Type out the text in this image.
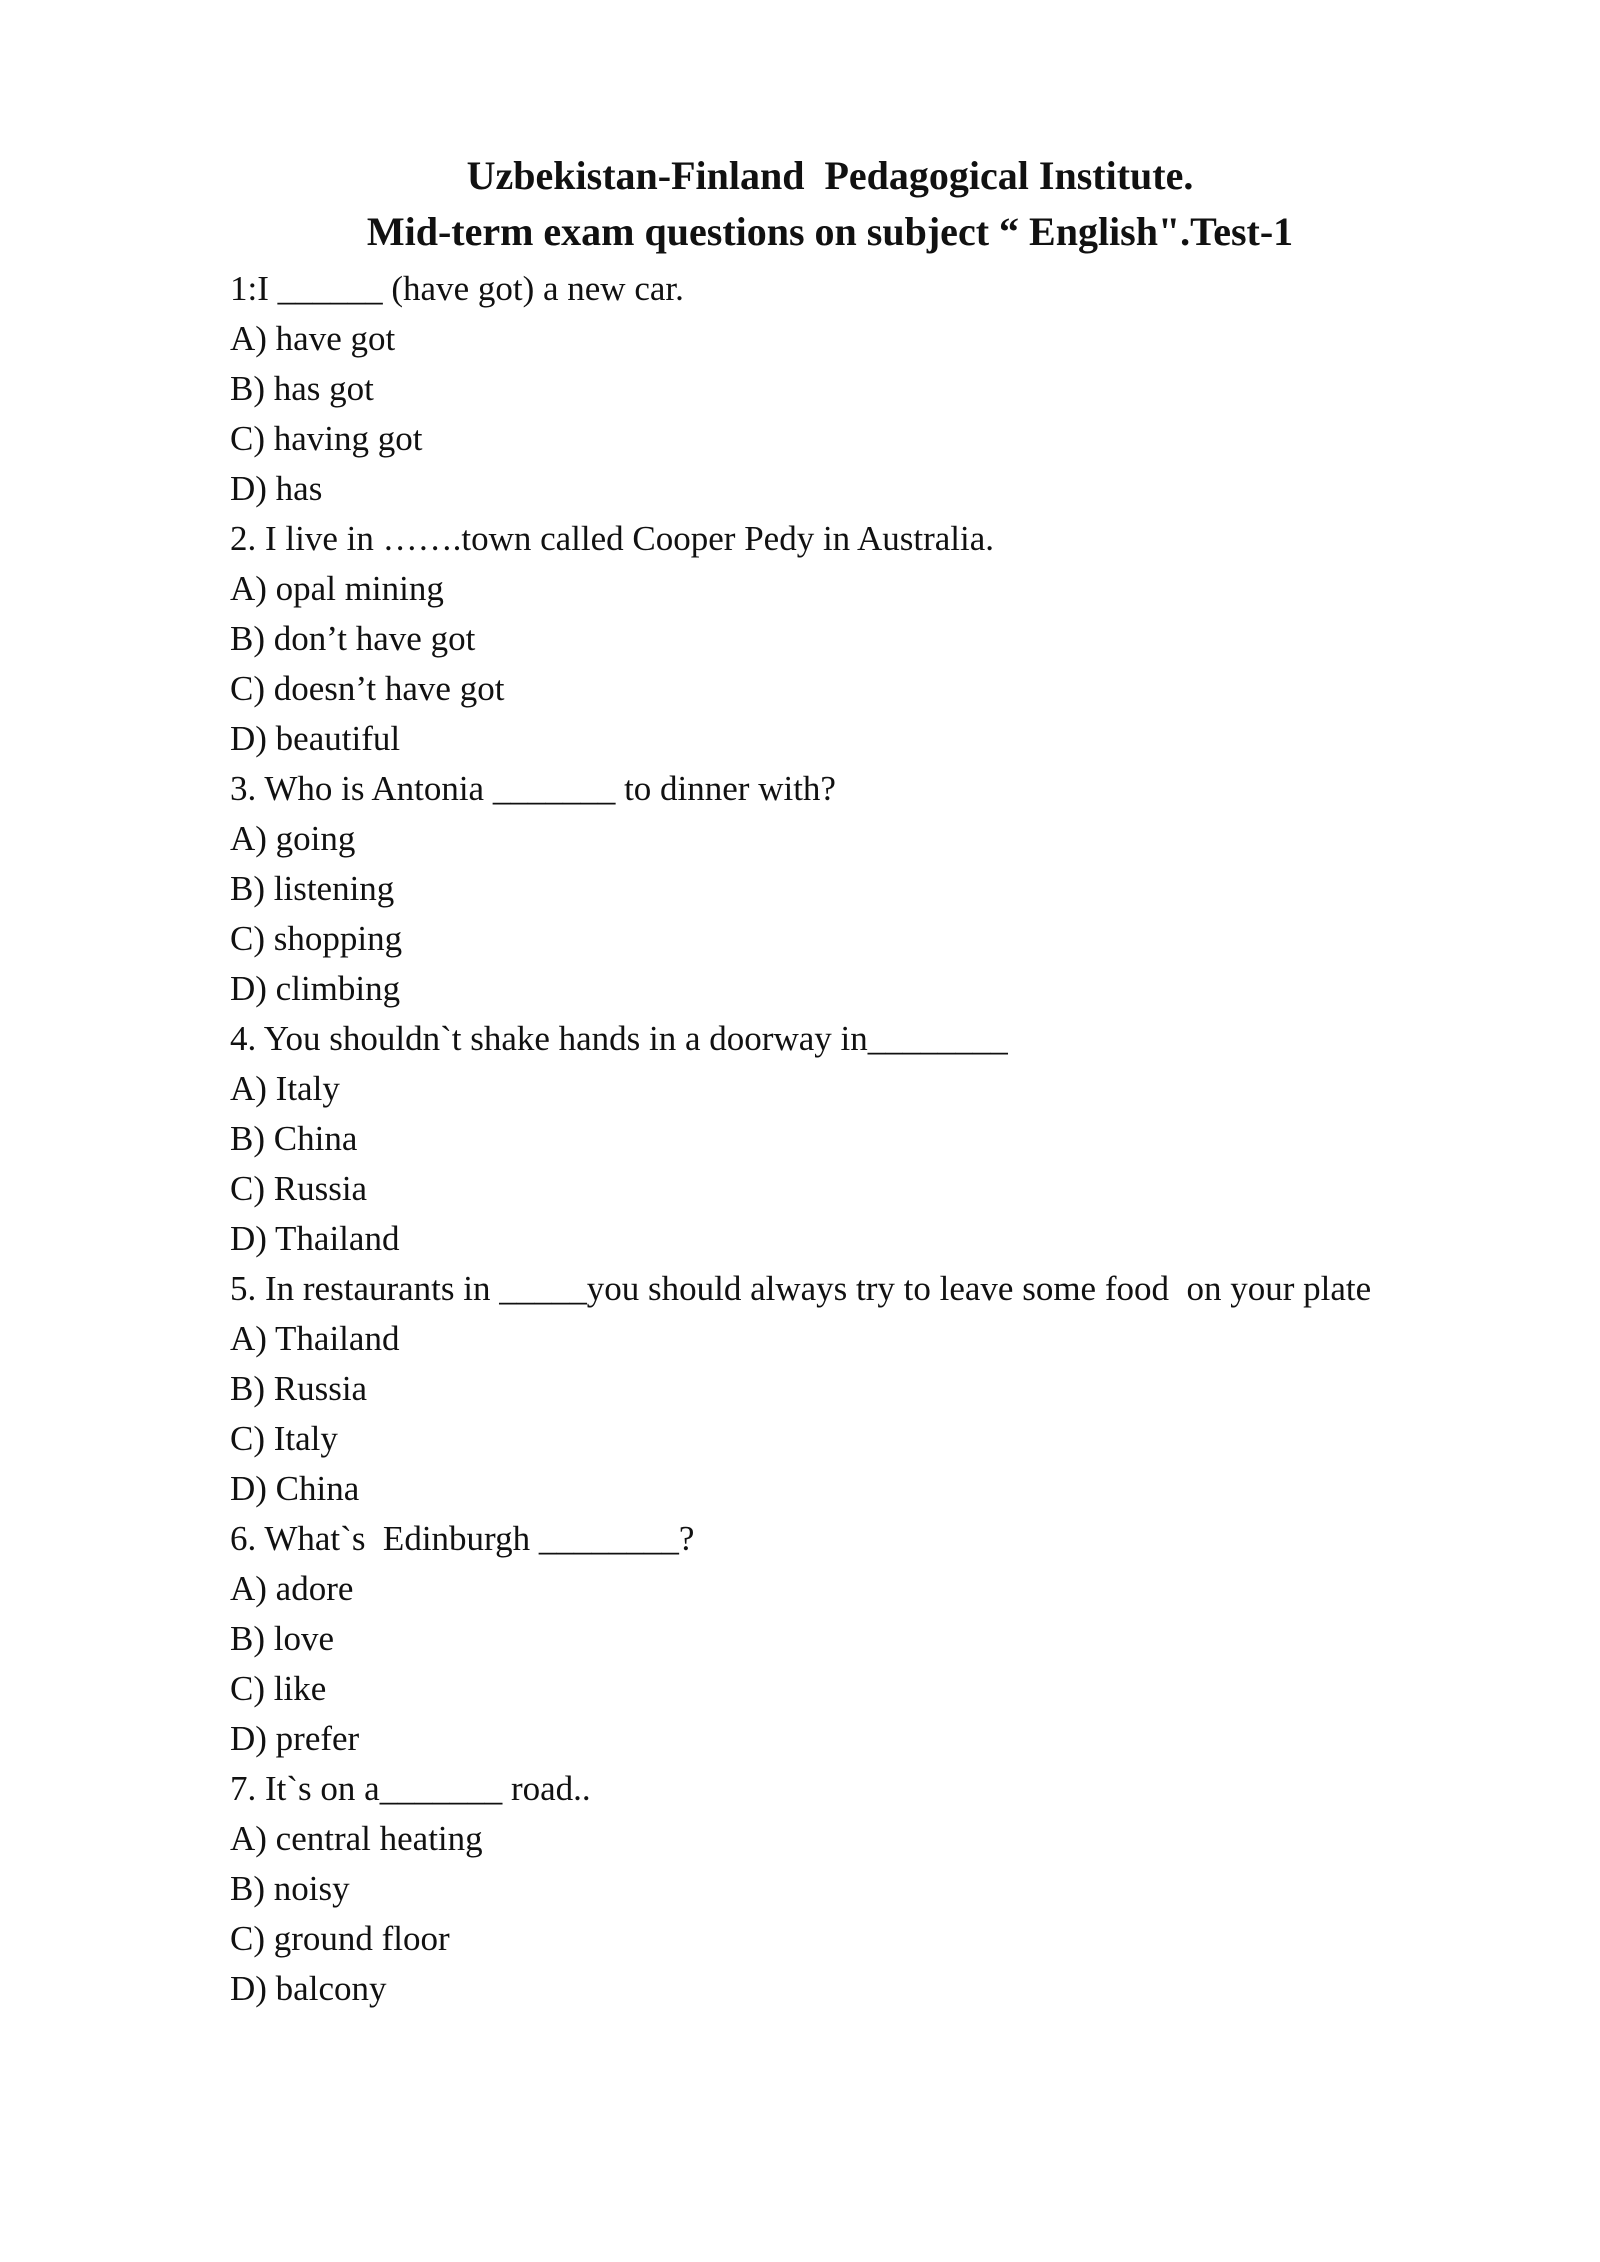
Uzbekistan-Finland  Pedagogical Institute.
Mid-term exam questions on subject “ English".Test-1
1:I ______ (have got) a new car.
A) have got
B) has got
C) having got
D) has
2. I live in …….town called Cooper Pedy in Australia.
A) opal mining
B) don’t have got
C) doesn’t have got
D) beautiful
3. Who is Antonia _______ to dinner with?
A) going
B) listening
C) shopping
D) climbing
4. You shouldn`t shake hands in a doorway in________
A) Italy
B) China
C) Russia
D) Thailand
5. In restaurants in _____you should always try to leave some food  on your plate
A) Thailand
B) Russia
C) Italy
D) China
6. What`s  Edinburgh ________?
A) adore
B) love
C) like
D) prefer
7. It`s on a_______ road..
A) central heating
B) noisy
C) ground floor
D) balcony
